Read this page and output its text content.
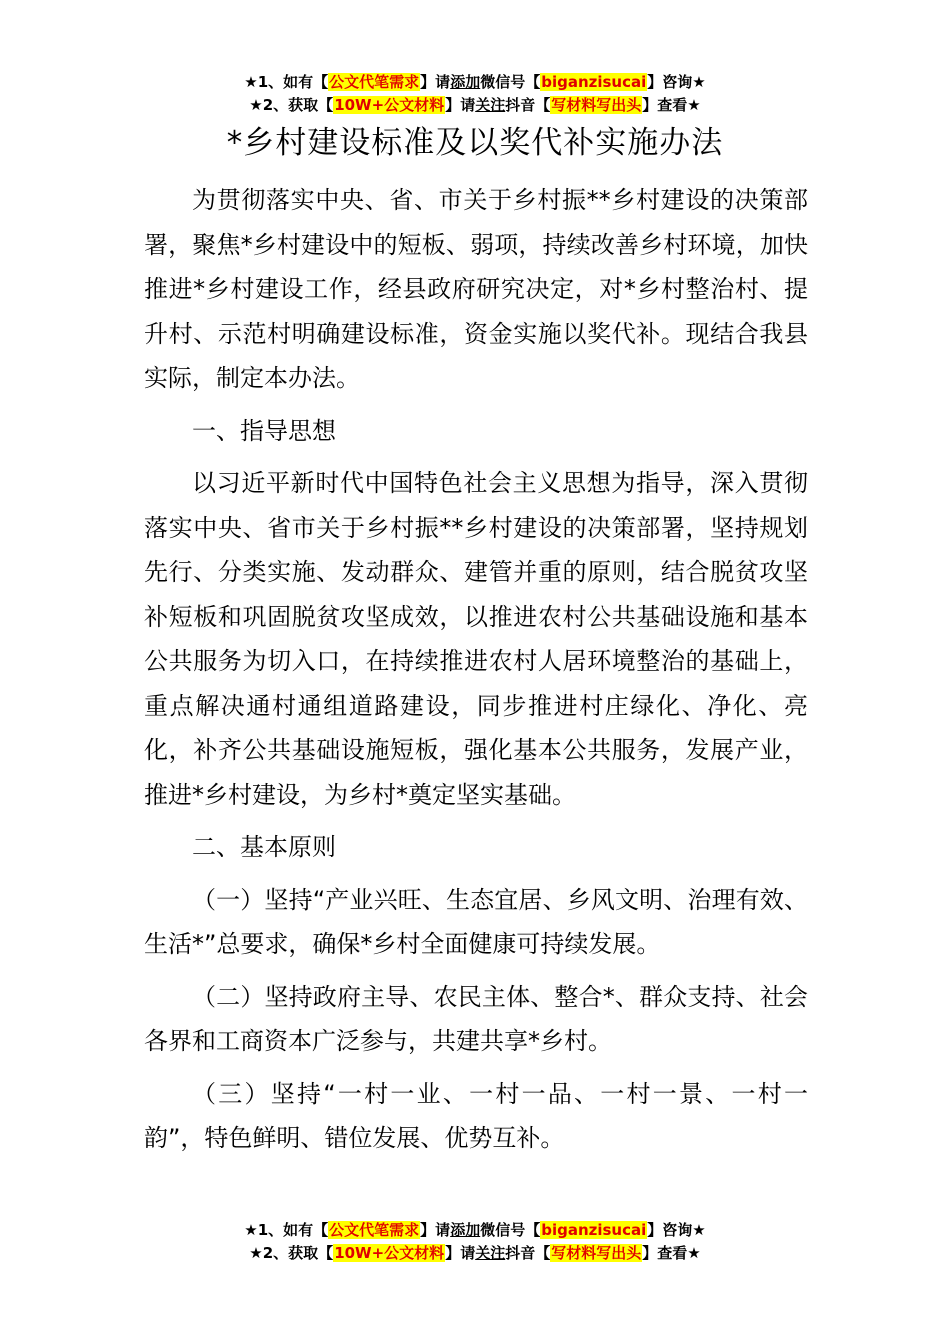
★1、如有【公文代笔需求】请添加微信号【biganzisucai】咨询★
★2、获取【10W+公文材料】请关注抖音【写材料写出头】查看★
*乡村建设标准及以奖代补实施办法

为贯彻落实中央、省、市关于乡村振**乡村建设的决策部署，聚焦*乡村建设中的短板、弱项，持续改善乡村环境，加快推进*乡村建设工作，经县政府研究决定，对*乡村整治村、提升村、示范村明确建设标准，资金实施以奖代补。现结合我县实际，制定本办法。

一、指导思想

以习近平新时代中国特色社会主义思想为指导，深入贯彻落实中央、省市关于乡村振**乡村建设的决策部署，坚持规划先行、分类实施、发动群众、建管并重的原则，结合脱贫攻坚补短板和巩固脱贫攻坚成效，以推进农村公共基础设施和基本公共服务为切入口，在持续推进农村人居环境整治的基础上，重点解决通村通组道路建设，同步推进村庄绿化、净化、亮化，补齐公共基础设施短板，强化基本公共服务，发展产业，推进*乡村建设，为乡村*奠定坚实基础。

二、基本原则

（一）坚持“产业兴旺、生态宜居、乡风文明、治理有效、生活*”总要求，确保*乡村全面健康可持续发展。

（二）坚持政府主导、农民主体、整合*、群众支持、社会各界和工商资本广泛参与，共建共享*乡村。

（三）坚持“一村一业、一村一品、一村一景、一村一韵”，特色鲜明、错位发展、优势互补。

★1、如有【公文代笔需求】请添加微信号【biganzisucai】咨询★
★2、获取【10W+公文材料】请关注抖音【写材料写出头】查看★
